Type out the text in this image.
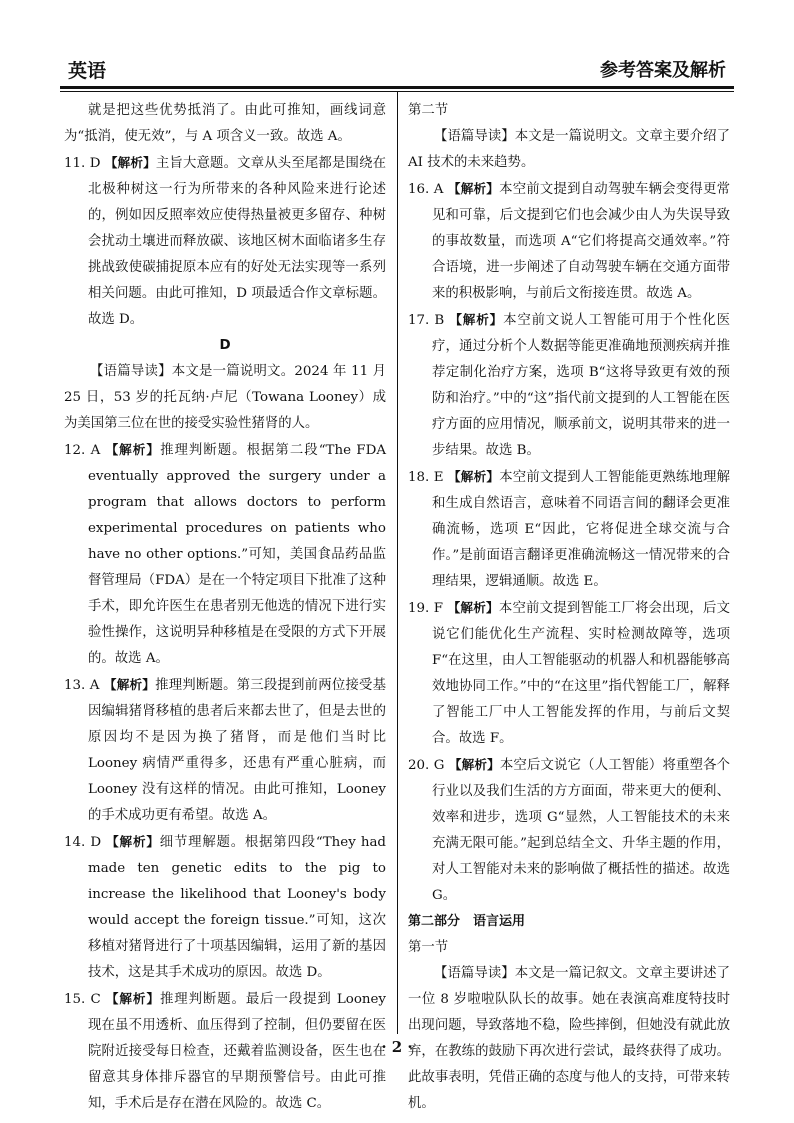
英语	参考答案及解析

就是把这些优势抵消了。由此可推知，画线词意为“抵消，使无效”，与 A 项含义一致。故选 A。

11. D 【解析】主旨大意题。文章从头至尾都是围绕在北极种树这一行为所带来的各种风险来进行论述的，例如因反照率效应使得热量被更多留存、种树会扰动土壤进而释放碳、该地区树木面临诸多生存挑战致使碳捕捉原本应有的好处无法实现等一系列相关问题。由此可推知，D 项最适合作文章标题。故选 D。

D

【语篇导读】本文是一篇说明文。2024 年 11 月 25 日，53 岁的托瓦纳·卢尼（Towana Looney）成为美国第三位在世的接受实验性猪肾的人。

12. A 【解析】推理判断题。根据第二段“The FDA eventually approved the surgery under a program that allows doctors to perform experimental procedures on patients who have no other options.”可知，美国食品药品监督管理局（FDA）是在一个特定项目下批准了这种手术，即允许医生在患者别无他选的情况下进行实验性操作，这说明异种移植是在受限的方式下开展的。故选 A。

13. A 【解析】推理判断题。第三段提到前两位接受基因编辑猪肾移植的患者后来都去世了，但是去世的原因均不是因为换了猪肾，而是他们当时比 Looney 病情严重得多，还患有严重心脏病，而 Looney 没有这样的情况。由此可推知，Looney 的手术成功更有希望。故选 A。

14. D 【解析】细节理解题。根据第四段“They had made ten genetic edits to the pig to increase the likelihood that Looney's body would accept the foreign tissue.”可知，这次移植对猪肾进行了十项基因编辑，运用了新的基因技术，这是其手术成功的原因。故选 D。

15. C 【解析】推理判断题。最后一段提到 Looney 现在虽不用透析、血压得到了控制，但仍要留在医院附近接受每日检查，还戴着监测设备，医生也在留意其身体排斥器官的早期预警信号。由此可推知，手术后是存在潜在风险的。故选 C。

第二节

【语篇导读】本文是一篇说明文。文章主要介绍了 AI 技术的未来趋势。

16. A 【解析】本空前文提到自动驾驶车辆会变得更常见和可靠，后文提到它们也会减少由人为失误导致的事故数量，而选项 A“它们将提高交通效率。”符合语境，进一步阐述了自动驾驶车辆在交通方面带来的积极影响，与前后文衔接连贯。故选 A。

17. B 【解析】本空前文说人工智能可用于个性化医疗，通过分析个人数据等能更准确地预测疾病并推荐定制化治疗方案，选项 B“这将导致更有效的预防和治疗。”中的“这”指代前文提到的人工智能在医疗方面的应用情况，顺承前文，说明其带来的进一步结果。故选 B。

18. E 【解析】本空前文提到人工智能能更熟练地理解和生成自然语言，意味着不同语言间的翻译会更准确流畅，选项 E“因此，它将促进全球交流与合作。”是前面语言翻译更准确流畅这一情况带来的合理结果，逻辑通顺。故选 E。

19. F 【解析】本空前文提到智能工厂将会出现，后文说它们能优化生产流程、实时检测故障等，选项 F“在这里，由人工智能驱动的机器人和机器能够高效地协同工作。”中的“在这里”指代智能工厂，解释了智能工厂中人工智能发挥的作用，与前后文契合。故选 F。

20. G 【解析】本空后文说它（人工智能）将重塑各个行业以及我们生活的方方面面，带来更大的便利、效率和进步，选项 G“显然，人工智能技术的未来充满无限可能。”起到总结全文、升华主题的作用，对人工智能对未来的影响做了概括性的描述。故选 G。

第二部分　语言运用

第一节

【语篇导读】本文是一篇记叙文。文章主要讲述了一位 8 岁啦啦队队长的故事。她在表演高难度特技时出现问题，导致落地不稳，险些摔倒，但她没有就此放弃，在教练的鼓励下再次进行尝试，最终获得了成功。此故事表明，凭借正确的态度与他人的支持，可带来转机。

· 2 ·
